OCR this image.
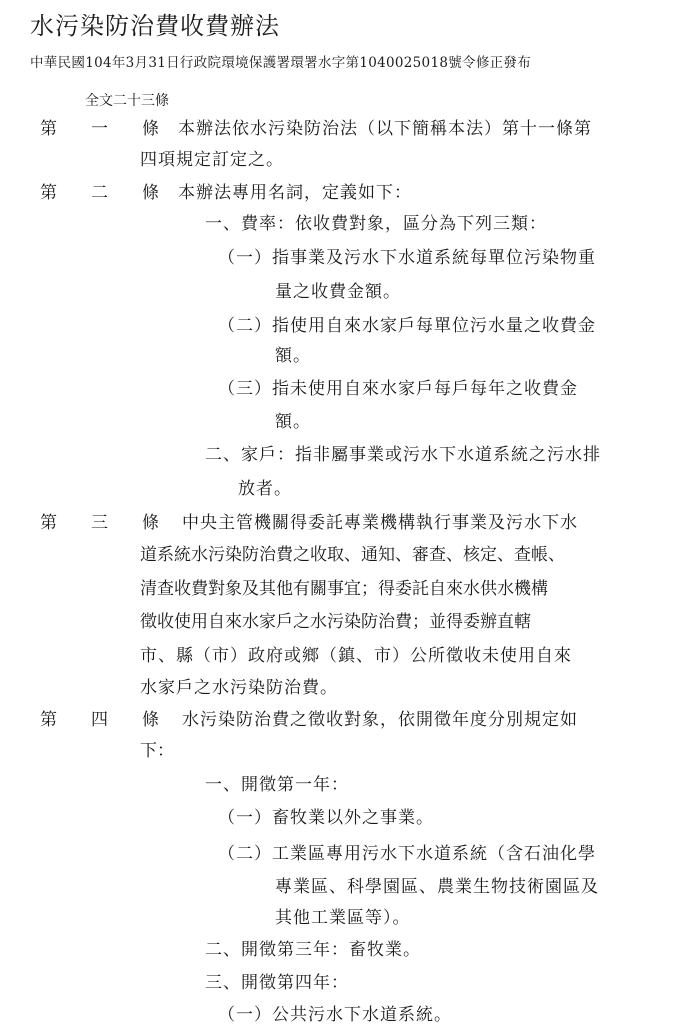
水污染防治費收費辦法
中華民國104年3月31日行政院環境保護署環署水字第1040025018號令修正發布
全文二十三條
第 一 條 本辦法依水污染防治法（以下簡稱本法）第十一條第
四項規定訂定之。
第 二 條 本辦法專用名詞，定義如下：
一、費率：依收費對象，區分為下列三類：
（一）指事業及污水下水道系統每單位污染物重
量之收費金額。
（二）指使用自來水家戶每單位污水量之收費金
額。
（三）指未使用自來水家戶每戶每年之收費金
額。
二、家戶：指非屬事業或污水下水道系統之污水排
放者。
第 三 條 中央主管機關得委託專業機構執行事業及污水下水
道系統水污染防治費之收取、通知、審查、核定、查帳、
清查收費對象及其他有關事宜；得委託自來水供水機構
徵收使用自來水家戶之水污染防治費；並得委辦直轄
市、縣（市）政府或鄉（鎮、市）公所徵收未使用自來
水家戶之水污染防治費。
第 四 條 水污染防治費之徵收對象，依開徵年度分別規定如
下：
一、開徵第一年：
（一）畜牧業以外之事業。
（二）工業區專用污水下水道系統（含石油化學
專業區、科學園區、農業生物技術園區及
其他工業區等）。
二、開徵第三年：畜牧業。
三、開徵第四年：
（一）公共污水下水道系統。
